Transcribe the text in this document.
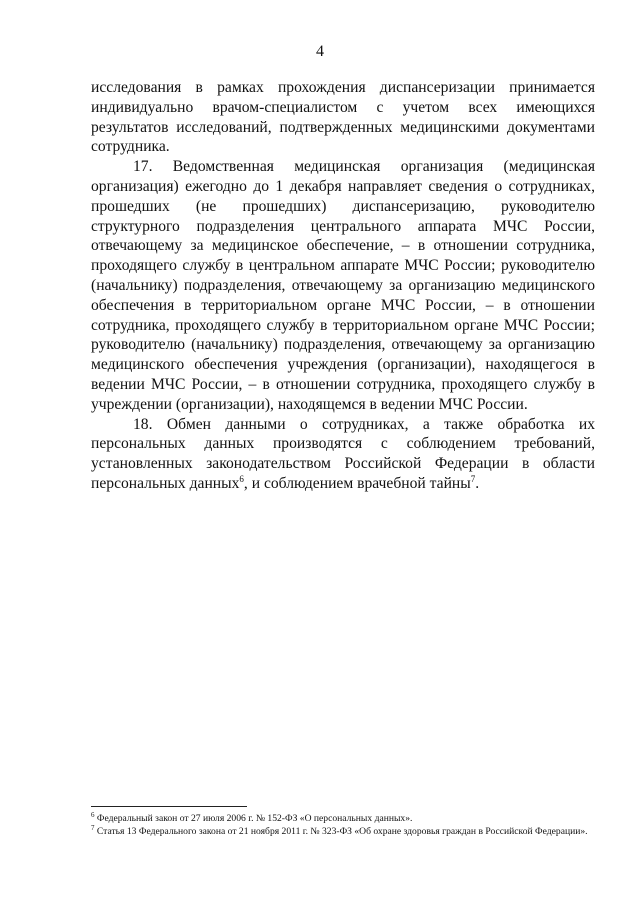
4

исследования в рамках прохождения диспансеризации принимается индивидуально врачом-специалистом с учетом всех имеющихся результатов исследований, подтвержденных медицинскими документами сотрудника.

17. Ведомственная медицинская организация (медицинская организация) ежегодно до 1 декабря направляет сведения о сотрудниках, прошедших (не прошедших) диспансеризацию, руководителю структурного подразделения центрального аппарата МЧС России, отвечающему за медицинское обеспечение, – в отношении сотрудника, проходящего службу в центральном аппарате МЧС России; руководителю (начальнику) подразделения, отвечающему за организацию медицинского обеспечения в территориальном органе МЧС России, – в отношении сотрудника, проходящего службу в территориальном органе МЧС России; руководителю (начальнику) подразделения, отвечающему за организацию медицинского обеспечения учреждения (организации), находящегося в ведении МЧС России, – в отношении сотрудника, проходящего службу в учреждении (организации), находящемся в ведении МЧС России.

18. Обмен данными о сотрудниках, а также обработка их персональных данных производятся с соблюдением требований, установленных законодательством Российской Федерации в области персональных данных$^6$, и соблюдением врачебной тайны$^7$.

$^6$ Федеральный закон от 27 июля 2006 г. № 152-ФЗ «О персональных данных».

$^7$ Статья 13 Федерального закона от 21 ноября 2011 г. № 323-ФЗ «Об охране здоровья граждан в Российской Федерации».
